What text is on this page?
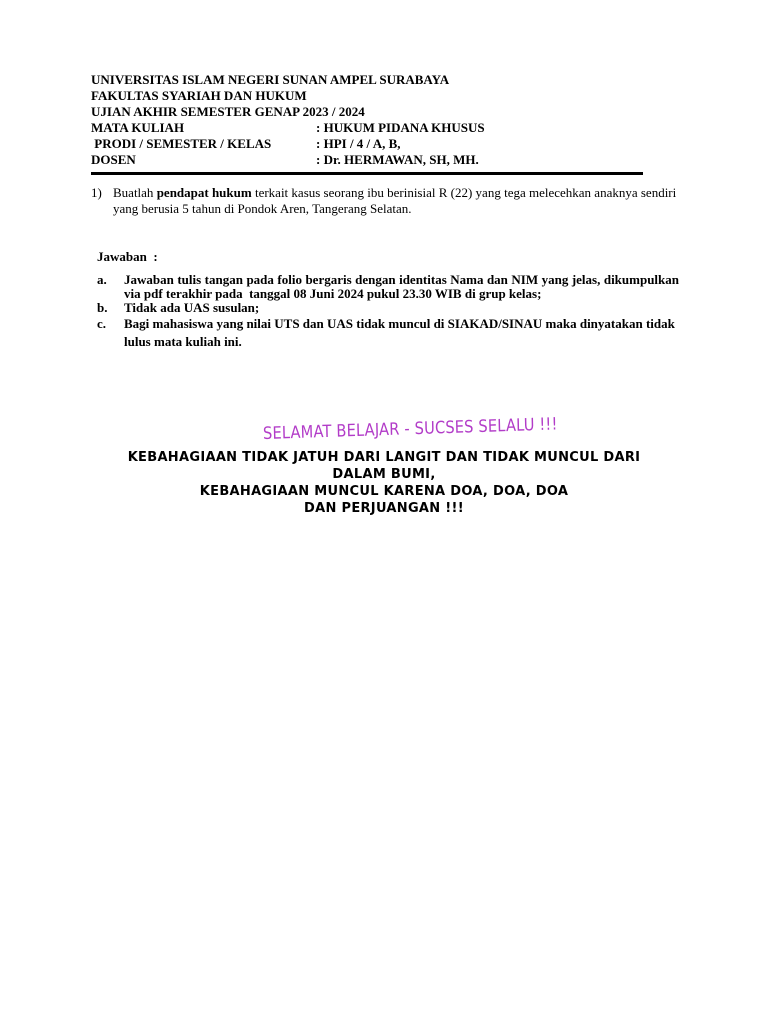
UNIVERSITAS ISLAM NEGERI SUNAN AMPEL SURABAYA
FAKULTAS SYARIAH DAN HUKUM
UJIAN AKHIR SEMESTER GENAP 2023 / 2024
MATA KULIAH	: HUKUM PIDANA KHUSUS
PRODI / SEMESTER / KELAS	: HPI / 4 / A, B,
DOSEN	: Dr. HERMAWAN, SH, MH.
1) Buatlah pendapat hukum terkait kasus seorang ibu berinisial R (22) yang tega melecehkan anaknya sendiri yang berusia 5 tahun di Pondok Aren, Tangerang Selatan.
Jawaban  :
a. Jawaban tulis tangan pada folio bergaris dengan identitas Nama dan NIM yang jelas, dikumpulkan via pdf terakhir pada  tanggal 08 Juni 2024 pukul 23.30 WIB di grup kelas;
b. Tidak ada UAS susulan;
c. Bagi mahasiswa yang nilai UTS dan UAS tidak muncul di SIAKAD/SINAU maka dinyatakan tidak lulus mata kuliah ini.
SELAMAT BELAJAR - SUCSES SELALU !!!
KEBAHAGIAAN TIDAK JATUH DARI LANGIT DAN TIDAK MUNCUL DARI
DALAM BUMI,
KEBAHAGIAAN MUNCUL KARENA DOA, DOA, DOA
DAN PERJUANGAN !!!
